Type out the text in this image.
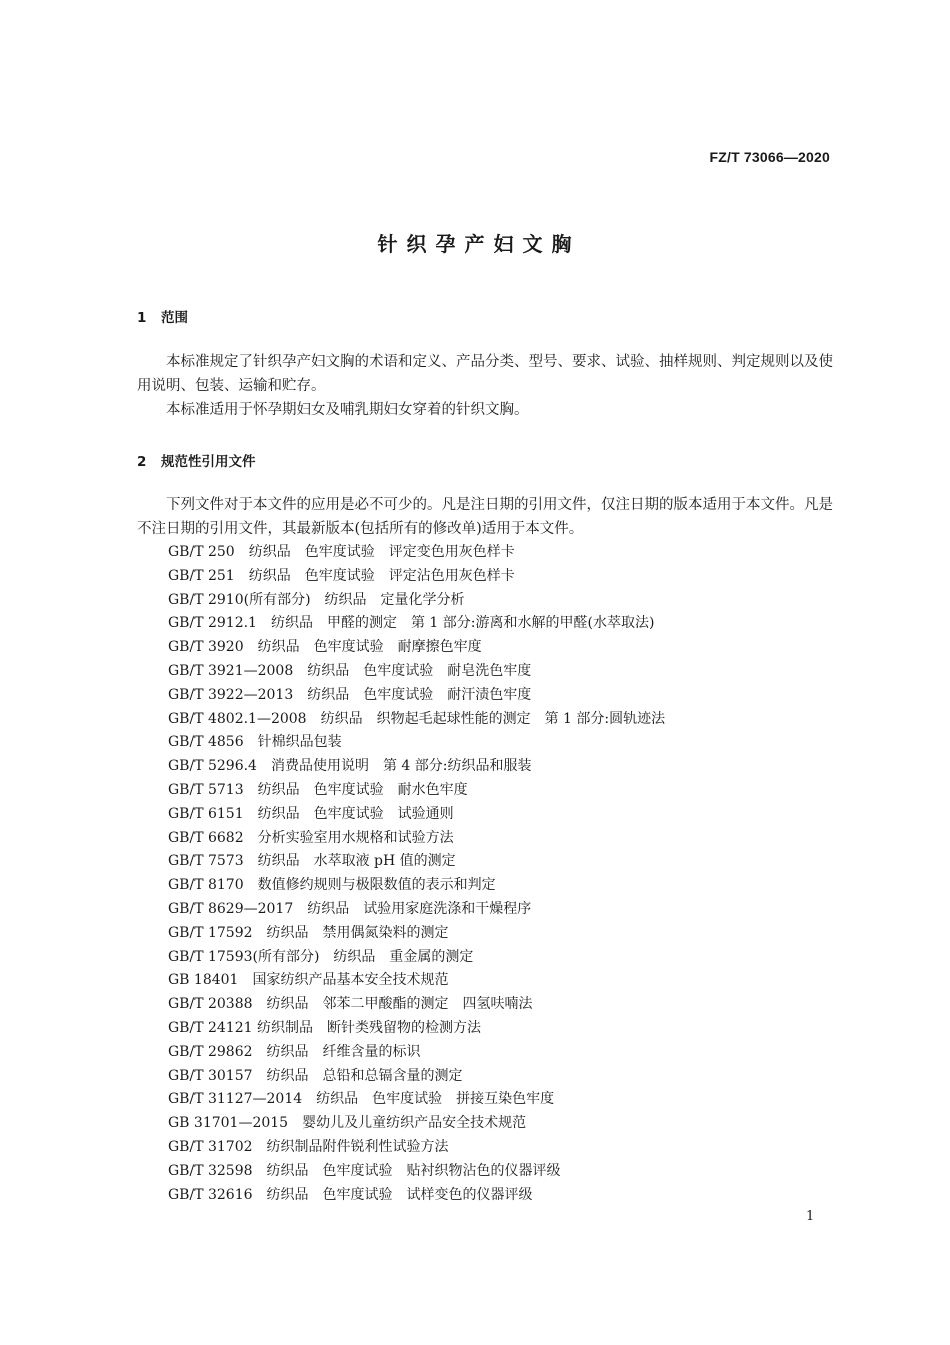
FZ/T 73066—2020
针织孕产妇文胸
1 范围
本标准规定了针织孕产妇文胸的术语和定义、产品分类、型号、要求、试验、抽样规则、判定规则以及使用说明、包装、运输和贮存。
本标准适用于怀孕期妇女及哺乳期妇女穿着的针织文胸。
2 规范性引用文件
下列文件对于本文件的应用是必不可少的。凡是注日期的引用文件，仅注日期的版本适用于本文件。凡是不注日期的引用文件，其最新版本(包括所有的修改单)适用于本文件。
GB/T 250　纺织品　色牢度试验　评定变色用灰色样卡
GB/T 251　纺织品　色牢度试验　评定沾色用灰色样卡
GB/T 2910(所有部分)　纺织品　定量化学分析
GB/T 2912.1　纺织品　甲醛的测定　第 1 部分:游离和水解的甲醛(水萃取法)
GB/T 3920　纺织品　色牢度试验　耐摩擦色牢度
GB/T 3921—2008　纺织品　色牢度试验　耐皂洗色牢度
GB/T 3922—2013　纺织品　色牢度试验　耐汗渍色牢度
GB/T 4802.1—2008　纺织品　织物起毛起球性能的测定　第 1 部分:圆轨迹法
GB/T 4856　针棉织品包装
GB/T 5296.4　消费品使用说明　第 4 部分:纺织品和服装
GB/T 5713　纺织品　色牢度试验　耐水色牢度
GB/T 6151　纺织品　色牢度试验　试验通则
GB/T 6682　分析实验室用水规格和试验方法
GB/T 7573　纺织品　水萃取液 pH 值的测定
GB/T 8170　数值修约规则与极限数值的表示和判定
GB/T 8629—2017　纺织品　试验用家庭洗涤和干燥程序
GB/T 17592　纺织品　禁用偶氮染料的测定
GB/T 17593(所有部分)　纺织品　重金属的测定
GB 18401　国家纺织产品基本安全技术规范
GB/T 20388　纺织品　邻苯二甲酸酯的测定　四氢呋喃法
GB/T 24121 纺织制品　断针类残留物的检测方法
GB/T 29862　纺织品　纤维含量的标识
GB/T 30157　纺织品　总铅和总镉含量的测定
GB/T 31127—2014　纺织品　色牢度试验　拼接互染色牢度
GB 31701—2015　婴幼儿及儿童纺织产品安全技术规范
GB/T 31702　纺织制品附件锐利性试验方法
GB/T 32598　纺织品　色牢度试验　贴衬织物沾色的仪器评级
GB/T 32616　纺织品　色牢度试验　试样变色的仪器评级
1
